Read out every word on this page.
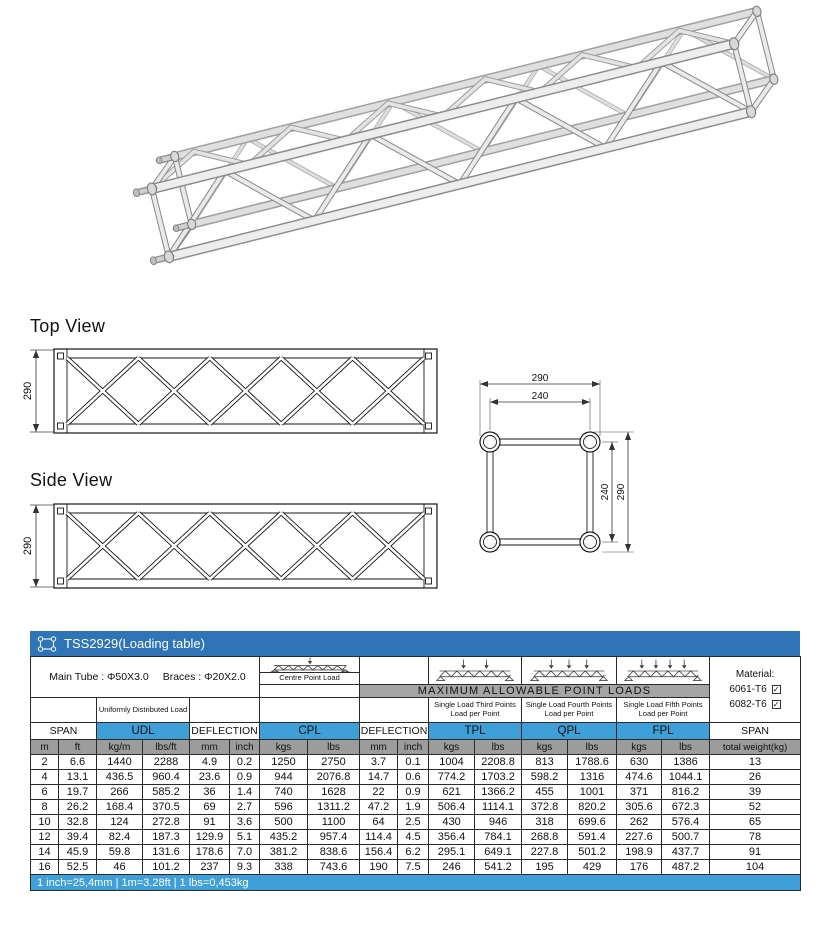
Top View
290
Side View
290
290
240
240 290
TSS2929(Loading table)
Main Tube : Φ50X3.0 Braces : Φ20X2.0																Material:
6061-T6 ✓
6082-T6 ✓

						Centre Point Load										
								MAXIMUM ALLOWABLE POINT LOADS								
		Uniformly Distributed Load								Single Load Third Points Load per Point		Single Load Fourth Points Load per Point		Single Load Fifth Points Load per Point		
SPAN		UDL		DEFLECTION		CPL		DEFLECTION		TPL		QPL		FPL		SPAN
m	ft	kg/m	lbs/ft	mm	inch	kgs	lbs	mm	inch	kgs	lbs	kgs	lbs	kgs	lbs	total weight(kg)
2	6.6	1440	2288	4.9	0.2	1250	2750	3.7	0.1	1004	2208.8	813	1788.6	630	1386	13
4	13.1	436.5	960.4	23.6	0.9	944	2076.8	14.7	0.6	774.2	1703.2	598.2	1316	474.6	1044.1	26
6	19.7	266	585.2	36	1.4	740	1628	22	0.9	621	1366.2	455	1001	371	816.2	39
8	26.2	168.4	370.5	69	2.7	596	1311.2	47.2	1.9	506.4	1114.1	372.8	820.2	305.6	672.3	52
10	32.8	124	272.8	91	3.6	500	1100	64	2.5	430	946	318	699.6	262	576.4	65
12	39.4	82.4	187.3	129.9	5.1	435.2	957.4	114.4	4.5	356.4	784.1	268.8	591.4	227.6	500.7	78
14	45.9	59.8	131.6	178.6	7.0	381.2	838.6	156.4	6.2	295.1	649.1	227.8	501.2	198.9	437.7	91
16	52.5	46	101.2	237	9.3	338	743.6	190	7.5	246	541.2	195	429	176	487.2	104
1 inch=25,4mm | 1m=3.28ft | 1 lbs=0,453kg																
